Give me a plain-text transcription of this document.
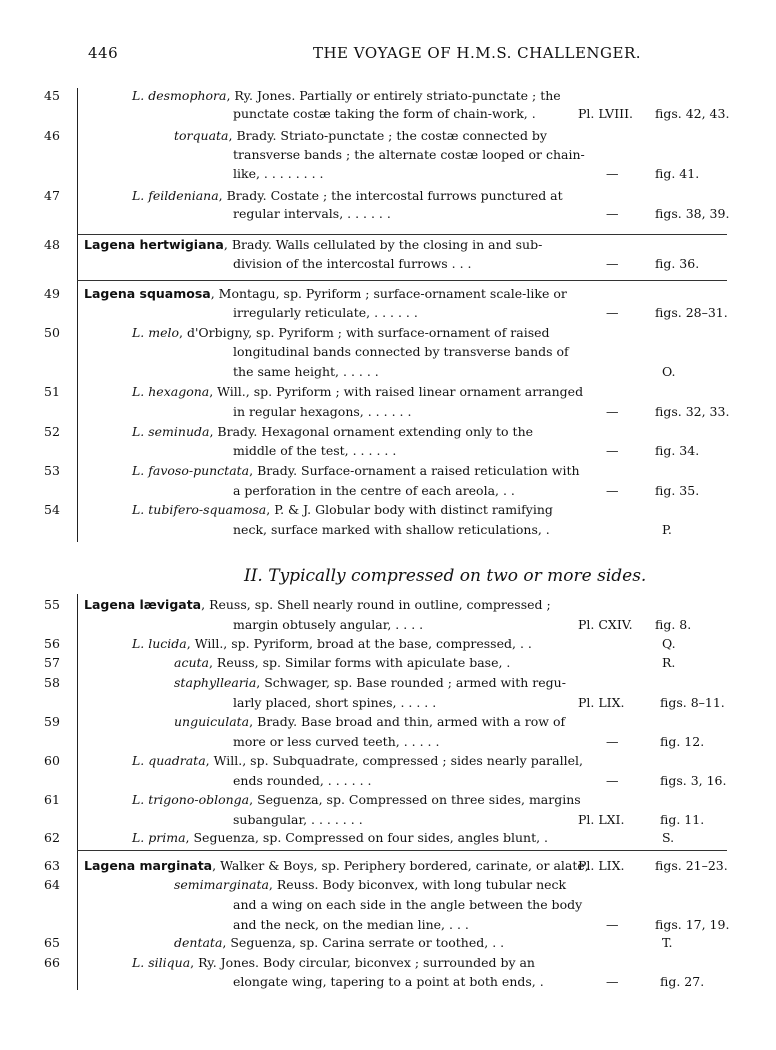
446	THE VOYAGE OF H.M.S. CHALLENGER.
45	L. desmophora, Ry. Jones. Partially or entirely striato-punctate ; the
punctate costæ taking the form of chain-work, .	Pl. LVIII. figs. 42, 43.
46	torquata, Brady. Striato-punctate ; the costæ connected by
transverse bands ; the alternate costæ looped or chain-
like, . . . . . . . .	—	fig. 41.
47	L. feildeniana, Brady. Costate ; the intercostal furrows punctured at
regular intervals, . . . . . .	—	figs. 38, 39.
48	Lagena hertwigiana, Brady. Walls cellulated by the closing in and sub-
division of the intercostal furrows . . .	—	fig. 36.
49	Lagena squamosa, Montagu, sp. Pyriform ; surface-ornament scale-like or
irregularly reticulate, . . . . . .	—	figs. 28–31.
50	L. melo, d'Orbigny, sp. Pyriform ; with surface-ornament of raised
longitudinal bands connected by transverse bands of
the same height, . . . . .	O.
51	L. hexagona, Will., sp. Pyriform ; with raised linear ornament arranged
in regular hexagons, . . . . . .	—	figs. 32, 33.
52	L. seminuda, Brady. Hexagonal ornament extending only to the
middle of the test, . . . . . .	—	fig. 34.
53	L. favoso-punctata, Brady. Surface-ornament a raised reticulation with
a perforation in the centre of each areola, . .	—	fig. 35.
54	L. tubifero-squamosa, P. & J. Globular body with distinct ramifying
neck, surface marked with shallow reticulations, .	P.
II. Typically compressed on two or more sides.
55	Lagena lævigata, Reuss, sp. Shell nearly round in outline, compressed ;
margin obtusely angular, . . . .	Pl. CXIV. fig. 8.
56	L. lucida, Will., sp. Pyriform, broad at the base, compressed, . .	Q.
57	acuta, Reuss, sp. Similar forms with apiculate base, .	R.
58	staphyllearia, Schwager, sp. Base rounded ; armed with regu-
larly placed, short spines, . . . . .	Pl. LIX.	figs. 8–11.
59	unguiculata, Brady. Base broad and thin, armed with a row of
more or less curved teeth, . . . . .	—	fig. 12.
60	L. quadrata, Will., sp. Subquadrate, compressed ; sides nearly parallel,
ends rounded, . . . . . .	—	figs. 3, 16.
61	L. trigono-oblonga, Seguenza, sp. Compressed on three sides, margins
subangular, . . . . . . .	Pl. LXI.	fig. 11.
62	L. prima, Seguenza, sp. Compressed on four sides, angles blunt, .	S.
63	Lagena marginata, Walker & Boys, sp. Periphery bordered, carinate, or alate,
Pl. LIX. figs. 21–23.
64	semimarginata, Reuss. Body biconvex, with long tubular neck
and a wing on each side in the angle between the body
and the neck, on the median line, . . .	—	figs. 17, 19.
65	dentata, Seguenza, sp. Carina serrate or toothed, . .	T.
66	L. siliqua, Ry. Jones. Body circular, biconvex ; surrounded by an
elongate wing, tapering to a point at both ends, .	—	fig. 27.
